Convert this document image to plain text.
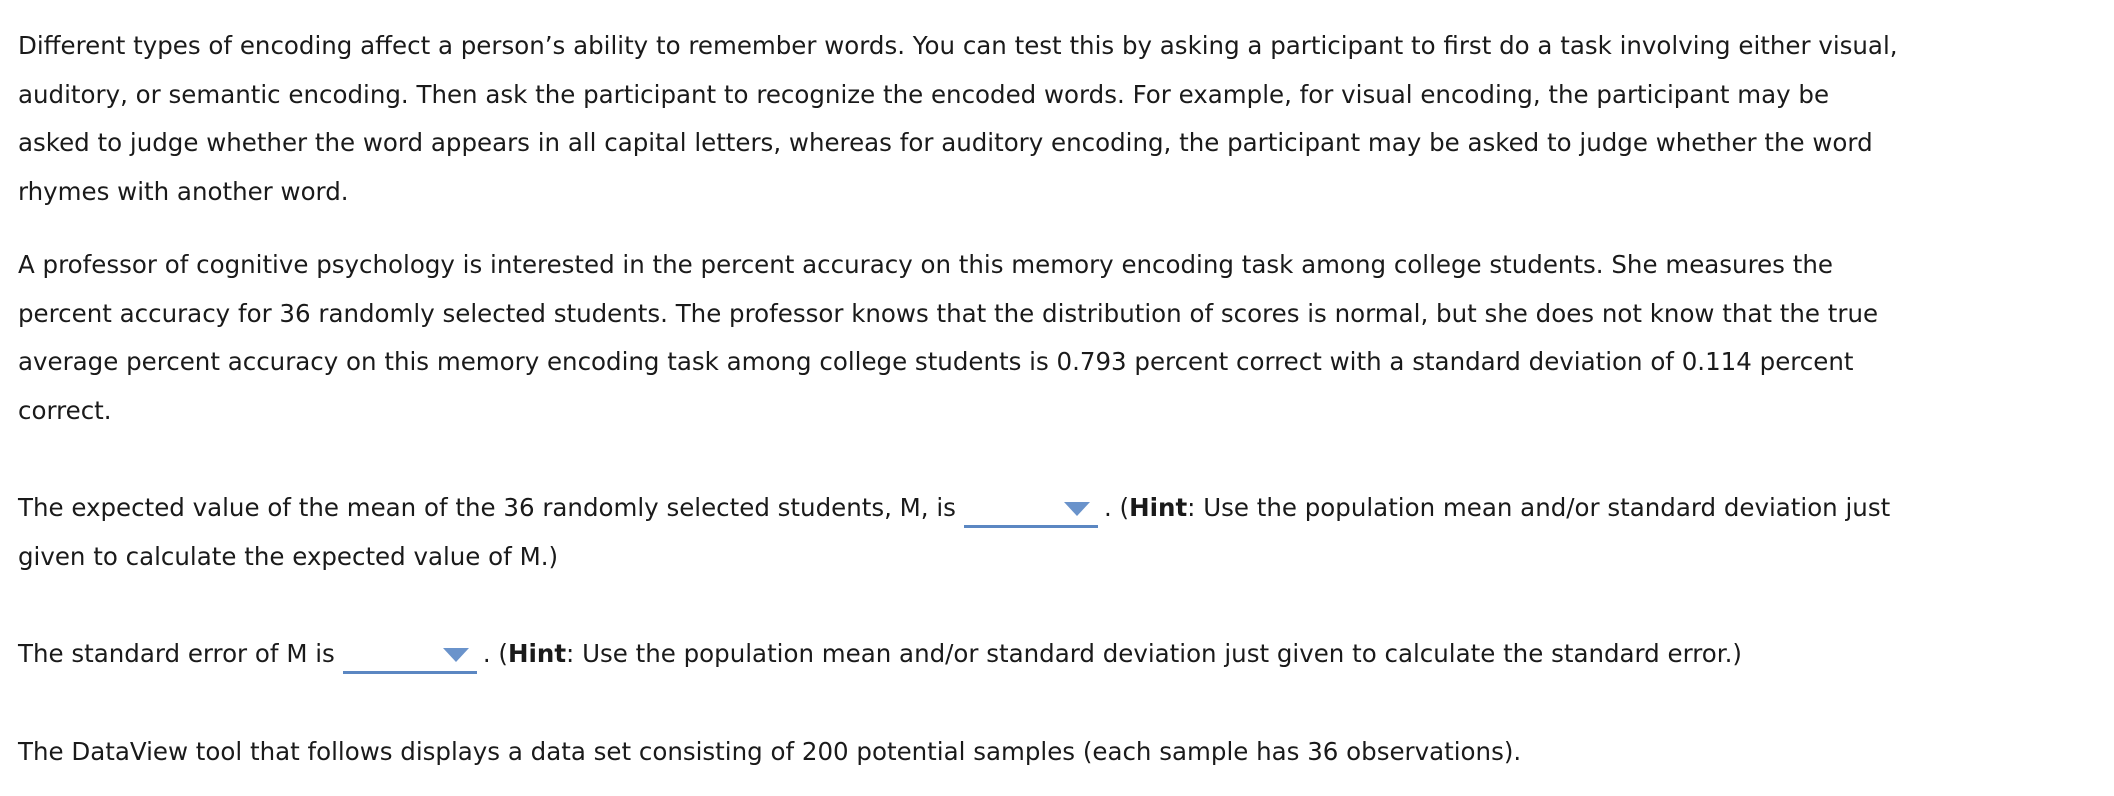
Different types of encoding affect a person’s ability to remember words. You can test this by asking a participant to first do a task involving either visual, auditory, or semantic encoding. Then ask the participant to recognize the encoded words. For example, for visual encoding, the participant may be asked to judge whether the word appears in all capital letters, whereas for auditory encoding, the participant may be asked to judge whether the word rhymes with another word.

A professor of cognitive psychology is interested in the percent accuracy on this memory encoding task among college students. She measures the percent accuracy for 36 randomly selected students. The professor knows that the distribution of scores is normal, but she does not know that the true average percent accuracy on this memory encoding task among college students is 0.793 percent correct with a standard deviation of 0.114 percent correct.

The expected value of the mean of the 36 randomly selected students, M, is	. (Hint: Use the population mean and/or standard deviation just given to calculate the expected value of M.)

The standard error of M is	. (Hint: Use the population mean and/or standard deviation just given to calculate the standard error.)

The DataView tool that follows displays a data set consisting of 200 potential samples (each sample has 36 observations).
